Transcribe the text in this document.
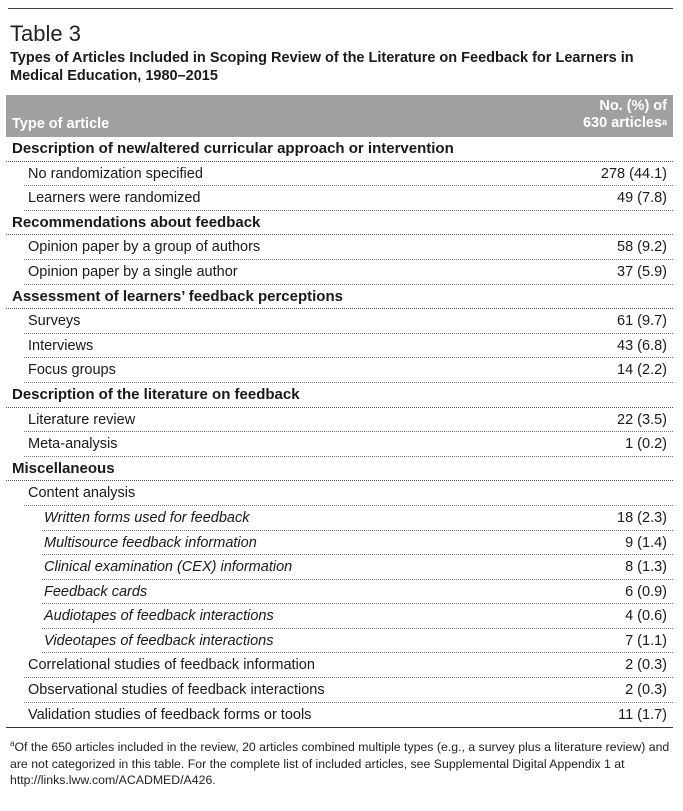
Table 3
Types of Articles Included in Scoping Review of the Literature on Feedback for Learners in Medical Education, 1980–2015
Type of article
No. (%) of
630 articles$^a$
Description of new/altered curricular approach or intervention
No randomization specified	278 (44.1)
Learners were randomized	49 (7.8)
Recommendations about feedback
Opinion paper by a group of authors	58 (9.2)
Opinion paper by a single author	37 (5.9)
Assessment of learners’ feedback perceptions
Surveys	61 (9.7)
Interviews	43 (6.8)
Focus groups	14 (2.2)
Description of the literature on feedback
Literature review	22 (3.5)
Meta-analysis	1 (0.2)
Miscellaneous
Content analysis
Written forms used for feedback	18 (2.3)
Multisource feedback information	9 (1.4)
Clinical examination (CEX) information	8 (1.3)
Feedback cards	6 (0.9)
Audiotapes of feedback interactions	4 (0.6)
Videotapes of feedback interactions	7 (1.1)
Correlational studies of feedback information	2 (0.3)
Observational studies of feedback interactions	2 (0.3)
Validation studies of feedback forms or tools	11 (1.7)
$^a$Of the 650 articles included in the review, 20 articles combined multiple types (e.g., a survey plus a literature review) and are not categorized in this table. For the complete list of included articles, see Supplemental Digital Appendix 1 at http://links.lww.com/ACADMED/A426.
